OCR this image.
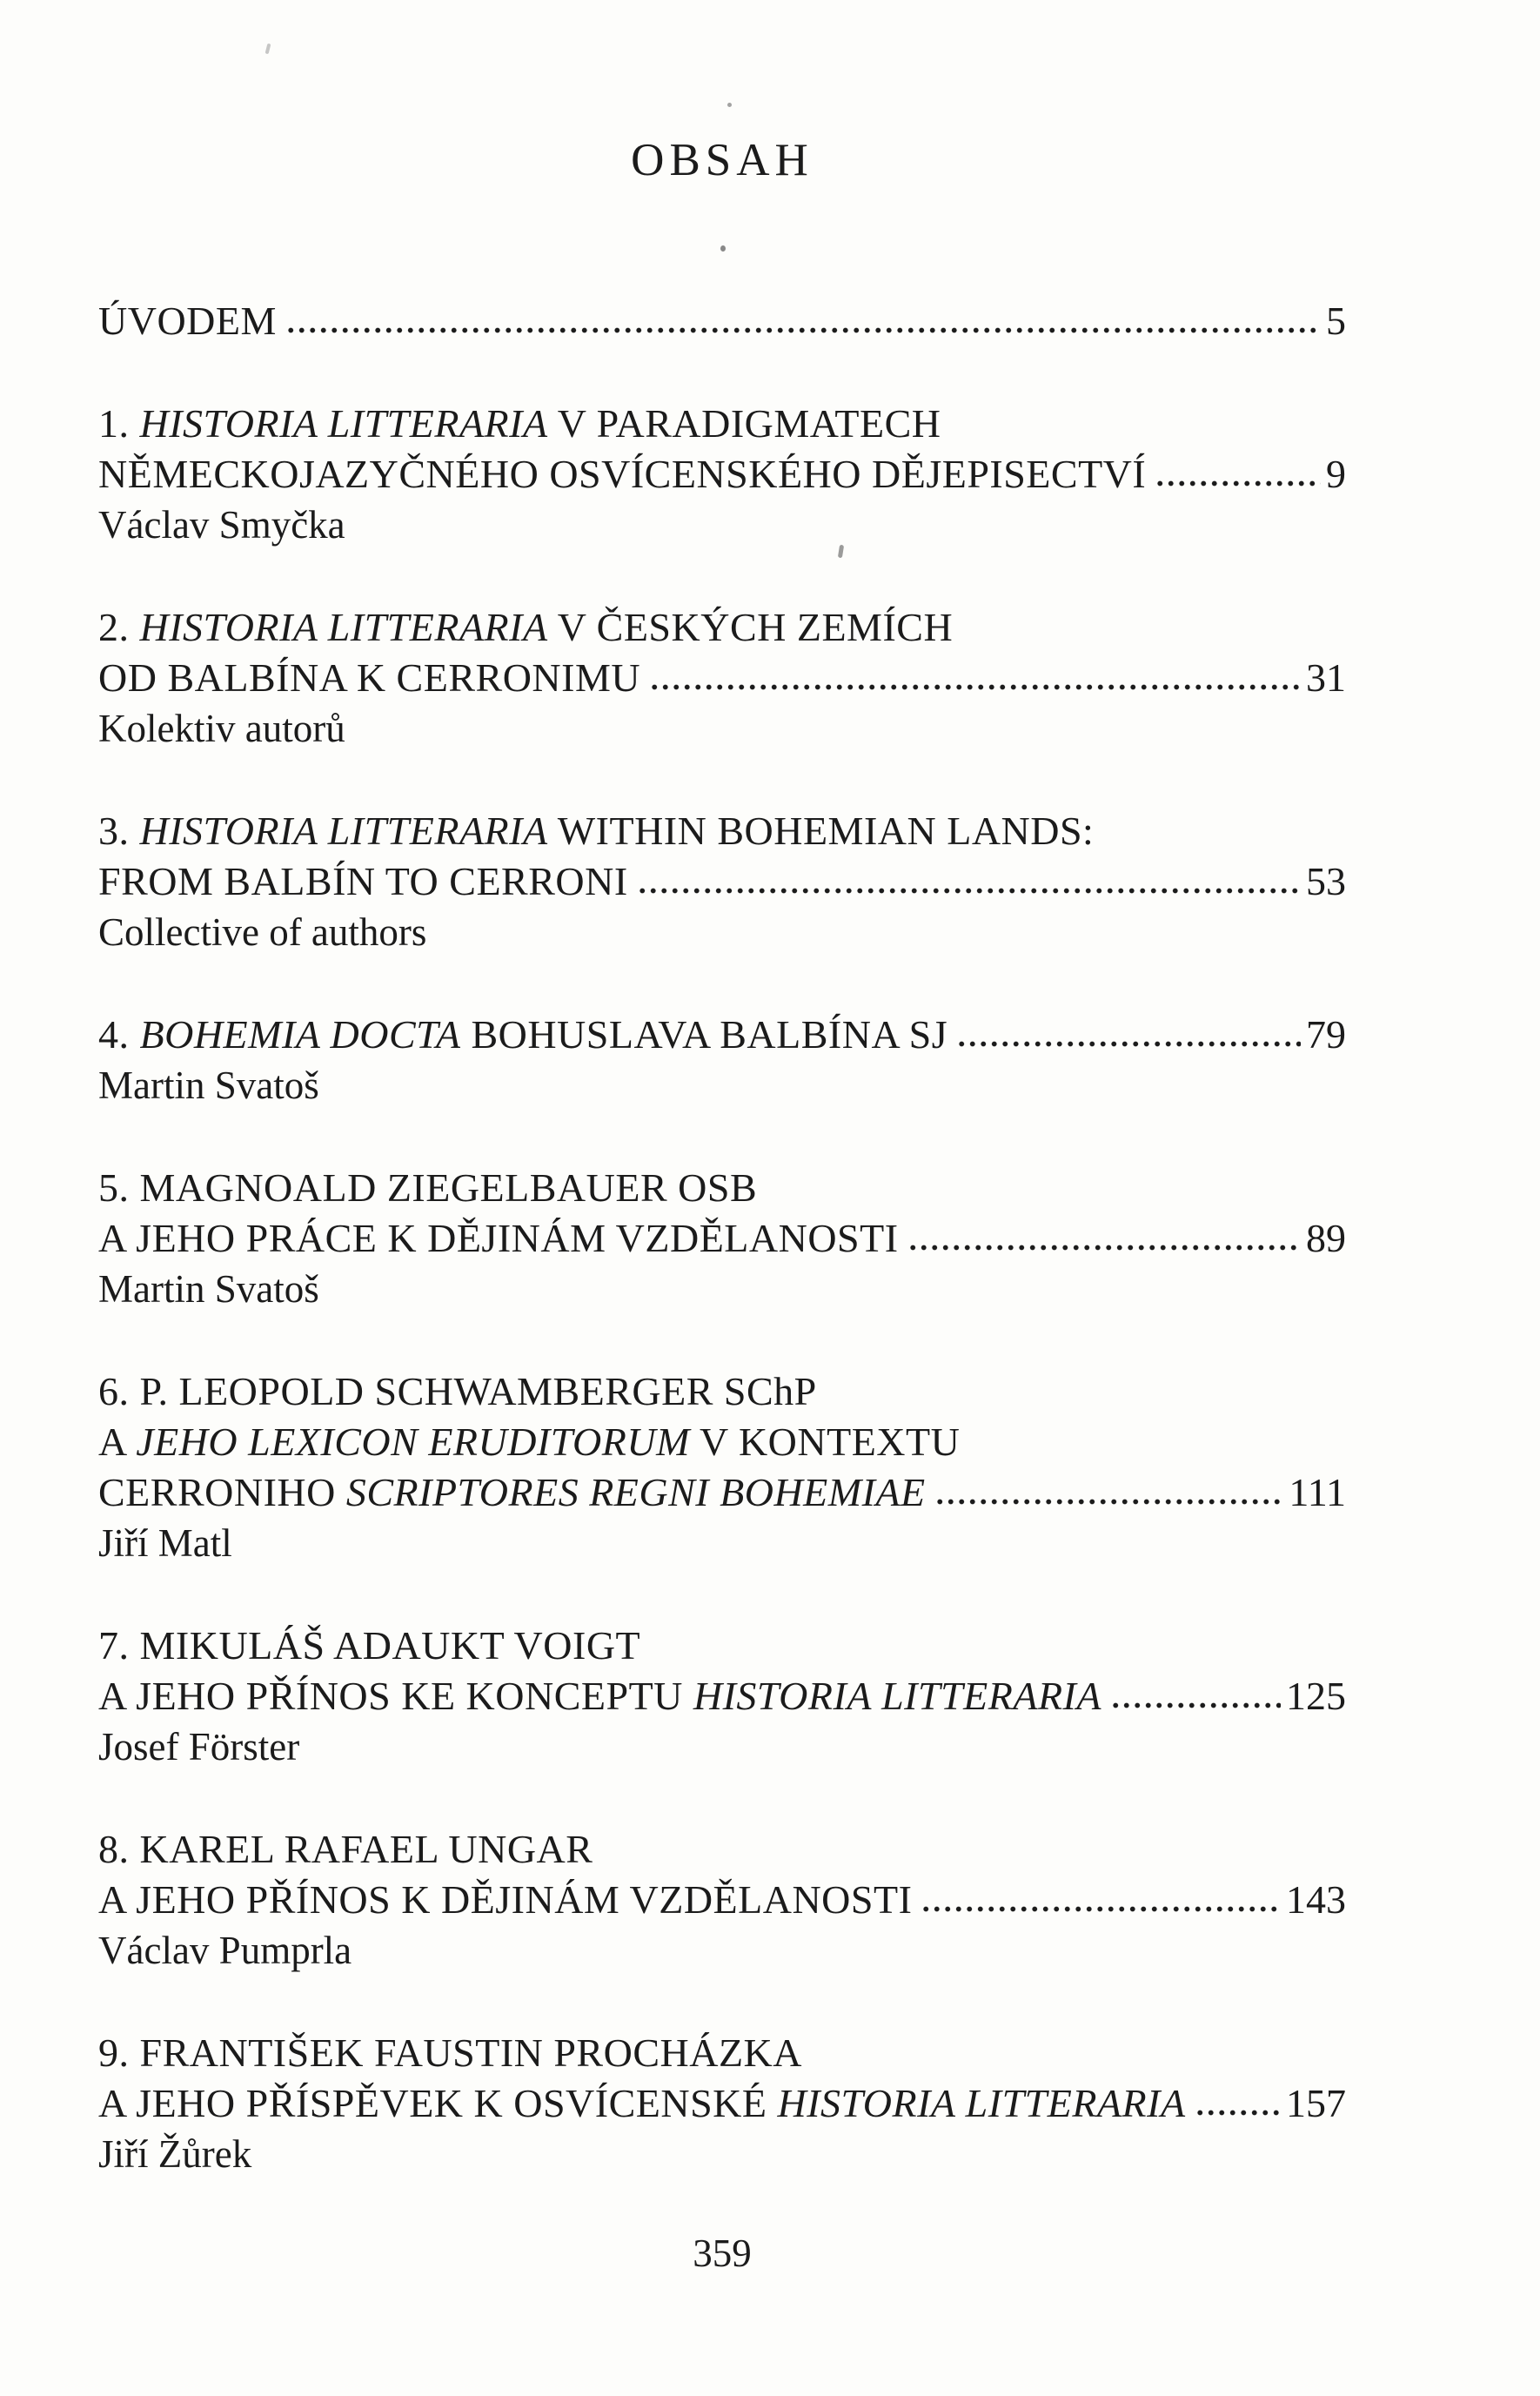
OBSAH
ÚVODEM	5
1. HISTORIA LITTERARIA V PARADIGMATECH
NĚMECKOJAZYČNÉHO OSVÍCENSKÉHO DĚJEPISECTVÍ	9
Václav Smyčka
2. HISTORIA LITTERARIA V ČESKÝCH ZEMÍCH
OD BALBÍNA K CERRONIMU	31
Kolektiv autorů
3. HISTORIA LITTERARIA WITHIN BOHEMIAN LANDS:
FROM BALBÍN TO CERRONI	53
Collective of authors
4. BOHEMIA DOCTA BOHUSLAVA BALBÍNA SJ	79
Martin Svatoš
5. MAGNOALD ZIEGELBAUER OSB
A JEHO PRÁCE K DĚJINÁM VZDĚLANOSTI	89
Martin Svatoš
6. P. LEOPOLD SCHWAMBERGER SChP
A JEHO LEXICON ERUDITORUM V KONTEXTU
CERRONIHO SCRIPTORES REGNI BOHEMIAE	111
Jiří Matl
7. MIKULÁŠ ADAUKT VOIGT
A JEHO PŘÍNOS KE KONCEPTU HISTORIA LITTERARIA	125
Josef Förster
8. KAREL RAFAEL UNGAR
A JEHO PŘÍNOS K DĚJINÁM VZDĚLANOSTI	143
Václav Pumprla
9. FRANTIŠEK FAUSTIN PROCHÁZKA
A JEHO PŘÍSPĚVEK K OSVÍCENSKÉ HISTORIA LITTERARIA	157
Jiří Žůrek
359
